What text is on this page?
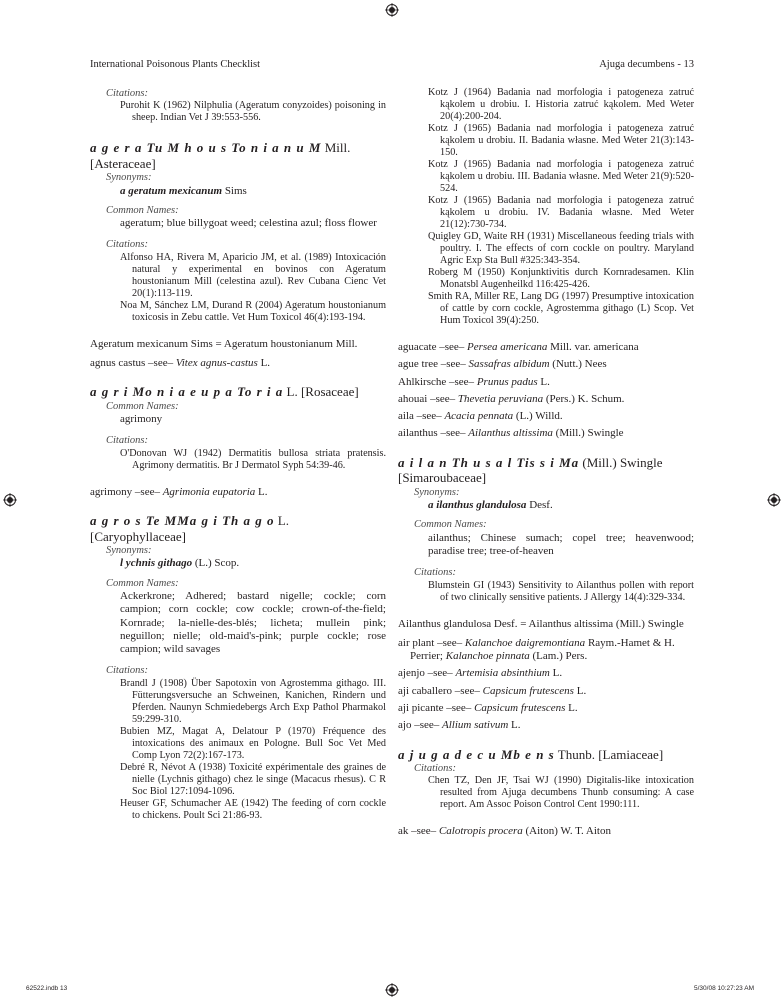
International Poisonous Plants Checklist	Ajuga decumbens - 13
Citations:
Purohit K (1962) Nilphulia (Ageratum conyzoides) poisoning in sheep. Indian Vet J 39:553-556.
a g e r a Tu M h o u s To n i a n u M Mill.
[Asteraceae]
Synonyms:
a geratum mexicanum Sims
Common Names:
ageratum; blue billygoat weed; celestina azul; floss flower
Citations:
Alfonso HA, Rivera M, Aparicio JM, et al. (1989) Intoxicación natural y experimental en bovinos con Ageratum houstonianum Mill (celestina azul). Rev Cubana Cienc Vet 20(1):113-119.
Noa M, Sánchez LM, Durand R (2004) Ageratum houstonianum toxicosis in Zebu cattle. Vet Hum Toxicol 46(4):193-194.
Ageratum mexicanum Sims = Ageratum houstonianum Mill.
agnus castus –see– Vitex agnus-castus L.
a g r i Mo n i a e u p a To r i a L. [Rosaceae]
Common Names:
agrimony
Citations:
O'Donovan WJ (1942) Dermatitis bullosa striata pratensis. Agrimony dermatitis. Br J Dermatol Syph 54:39-46.
agrimony –see– Agrimonia eupatoria L.
a g r o s Te MMa g i Th a g o L. [Caryophyllaceae]
Synonyms:
l ychnis githago (L.) Scop.
Common Names:
Ackerkrone; Adhered; bastard nigelle; cockle; corn campion; corn cockle; cow cockle; crown-of-the-field; Kornrade; la-nielle-des-blés; licheta; mullein pink; neguillon; nielle; old-maid's-pink; purple cockle; rose campion; wild savages
Citations:
Brandl J (1908) Über Sapotoxin von Agrostemma githago. III. Fütterungsversuche an Schweinen, Kanichen, Rindern und Pferden. Naunyn Schmiedebergs Arch Exp Pathol Pharmakol 59:299-310.
Bubien MZ, Magat A, Delatour P (1970) Fréquence des intoxications des animaux en Pologne. Bull Soc Vet Med Comp Lyon 72(2):167-173.
Debré R, Névot A (1938) Toxicité expérimentale des graines de nielle (Lychnis githago) chez le singe (Macacus rhesus). C R Soc Biol 127:1094-1096.
Heuser GF, Schumacher AE (1942) The feeding of corn cockle to chickens. Poult Sci 21:86-93.
Kotz J (1964) Badania nad morfologia i patogeneza zatruć kąkolem u drobiu. I. Historia zatruć kąkolem. Med Weter 20(4):200-204.
Kotz J (1965) Badania nad morfologia i patogeneza zatruć kąkolem u drobiu. II. Badania własne. Med Weter 21(3):143-150.
Kotz J (1965) Badania nad morfologia i patogeneza zatruć kąkolem u drobiu. III. Badania własne. Med Weter 21(9):520-524.
Kotz J (1965) Badania nad morfologia i patogeneza zatruć kąkolem u drobiu. IV. Badania własne. Med Weter 21(12):730-734.
Quigley GD, Waite RH (1931) Miscellaneous feeding trials with poultry. I. The effects of corn cockle on poultry. Maryland Agric Exp Sta Bull #325:343-354.
Roberg M (1950) Konjunktivitis durch Kornradesamen. Klin Monatsbl Augenheilkd 116:425-426.
Smith RA, Miller RE, Lang DG (1997) Presumptive intoxication of cattle by corn cockle, Agrostemma githago (L) Scop. Vet Hum Toxicol 39(4):250.
aguacate –see– Persea americana Mill. var. americana
ague tree –see– Sassafras albidum (Nutt.) Nees
Ahlkirsche –see– Prunus padus L.
ahouai –see– Thevetia peruviana (Pers.) K. Schum.
aila –see– Acacia pennata (L.) Willd.
ailanthus –see– Ailanthus altissima (Mill.) Swingle
a i l a n Th u s a l Tis s i Ma (Mill.) Swingle
[Simaroubaceae]
Synonyms:
a ilanthus glandulosa Desf.
Common Names:
ailanthus; Chinese sumach; copel tree; heavenwood; paradise tree; tree-of-heaven
Citations:
Blumstein GI (1943) Sensitivity to Ailanthus pollen with report of two clinically sensitive patients. J Allergy 14(4):329-334.
Ailanthus glandulosa Desf. = Ailanthus altissima (Mill.) Swingle
air plant –see– Kalanchoe daigremontiana Raym.-Hamet & H. Perrier; Kalanchoe pinnata (Lam.) Pers.
ajenjo –see– Artemisia absinthium L.
aji caballero –see– Capsicum frutescens L.
aji picante –see– Capsicum frutescens L.
ajo –see– Allium sativum L.
a j u g a d e c u Mb e n s Thunb. [Lamiaceae]
Citations:
Chen TZ, Den JF, Tsai WJ (1990) Digitalis-like intoxication resulted from Ajuga decumbens Thunb consuming: A case report. Am Assoc Poison Control Cent 1990:111.
ak –see– Calotropis procera (Aiton) W. T. Aiton
62522.indb 13	5/30/08 10:27:23 AM
